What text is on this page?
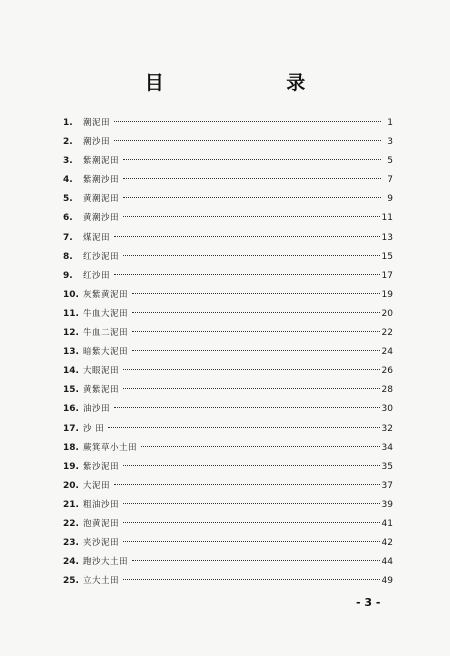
目 录
1.	潮泥田	1
2.	潮沙田	3
3.	紫潮泥田	5
4.	紫潮沙田	7
5.	黄潮泥田	9
6.	黄潮沙田	11
7.	煤泥田	13
8.	红沙泥田	15
9.	红沙田	17
10. 灰紫黄泥田	19
11. 牛血大泥田	20
12. 牛血二泥田	22
13. 暗紫大泥田	24
14. 大眼泥田	26
15. 黄紫泥田	28
16. 油沙田	30
17. 沙 田	32
18. 蕨箕草小土田	34
19. 紫沙泥田	35
20. 大泥田	37
21. 粗油沙田	39
22. 泡黄泥田	41
23. 夹沙泥田	42
24. 跑沙大土田	44
25. 立大土田	49
- 3 -
